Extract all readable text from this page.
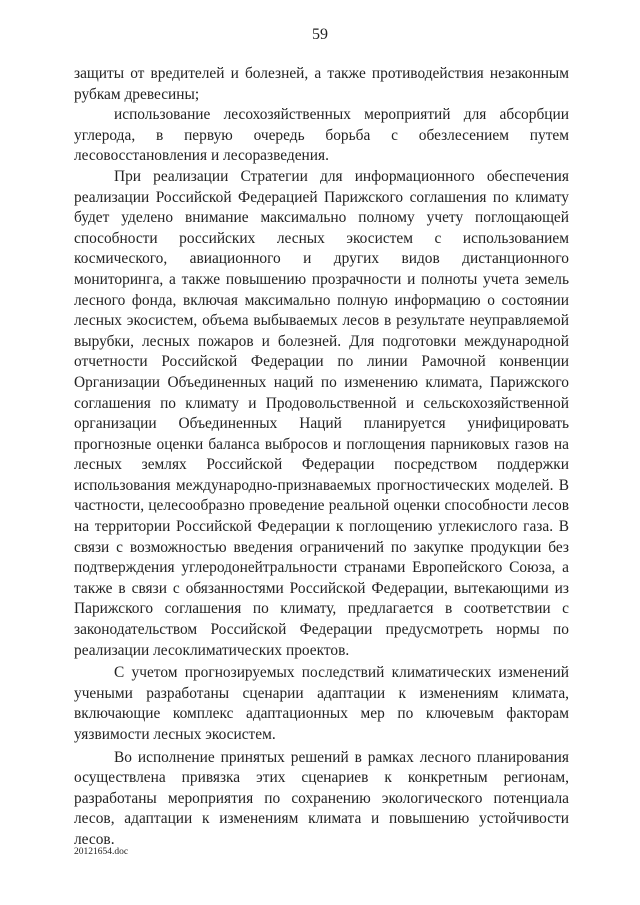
59

защиты от вредителей и болезней, а также противодействия незаконным рубкам древесины;

использование лесохозяйственных мероприятий для абсорбции углерода, в первую очередь борьба с обезлесением путем лесовосстановления и лесоразведения.

При реализации Стратегии для информационного обеспечения реализации Российской Федерацией Парижского соглашения по климату будет уделено внимание максимально полному учету поглощающей способности российских лесных экосистем с использованием космического, авиационного и других видов дистанционного мониторинга, а также повышению прозрачности и полноты учета земель лесного фонда, включая максимально полную информацию о состоянии лесных экосистем, объема выбываемых лесов в результате неуправляемой вырубки, лесных пожаров и болезней. Для подготовки международной отчетности Российской Федерации по линии Рамочной конвенции Организации Объединенных наций по изменению климата, Парижского соглашения по климату и Продовольственной и сельскохозяйственной организации Объединенных Наций планируется унифицировать прогнозные оценки баланса выбросов и поглощения парниковых газов на лесных землях Российской Федерации посредством поддержки использования международно-признаваемых прогностических моделей. В частности, целесообразно проведение реальной оценки способности лесов на территории Российской Федерации к поглощению углекислого газа. В связи с возможностью введения ограничений по закупке продукции без подтверждения углеродонейтральности странами Европейского Союза, а также в связи с обязанностями Российской Федерации, вытекающими из Парижского соглашения по климату, предлагается в соответствии с законодательством Российской Федерации предусмотреть нормы по реализации лесоклиматических проектов.

С учетом прогнозируемых последствий климатических изменений учеными разработаны сценарии адаптации к изменениям климата, включающие комплекс адаптационных мер по ключевым факторам уязвимости лесных экосистем.

Во исполнение принятых решений в рамках лесного планирования осуществлена привязка этих сценариев к конкретным регионам, разработаны мероприятия по сохранению экологического потенциала лесов, адаптации к изменениям климата и повышению устойчивости лесов.

20121654.doc
